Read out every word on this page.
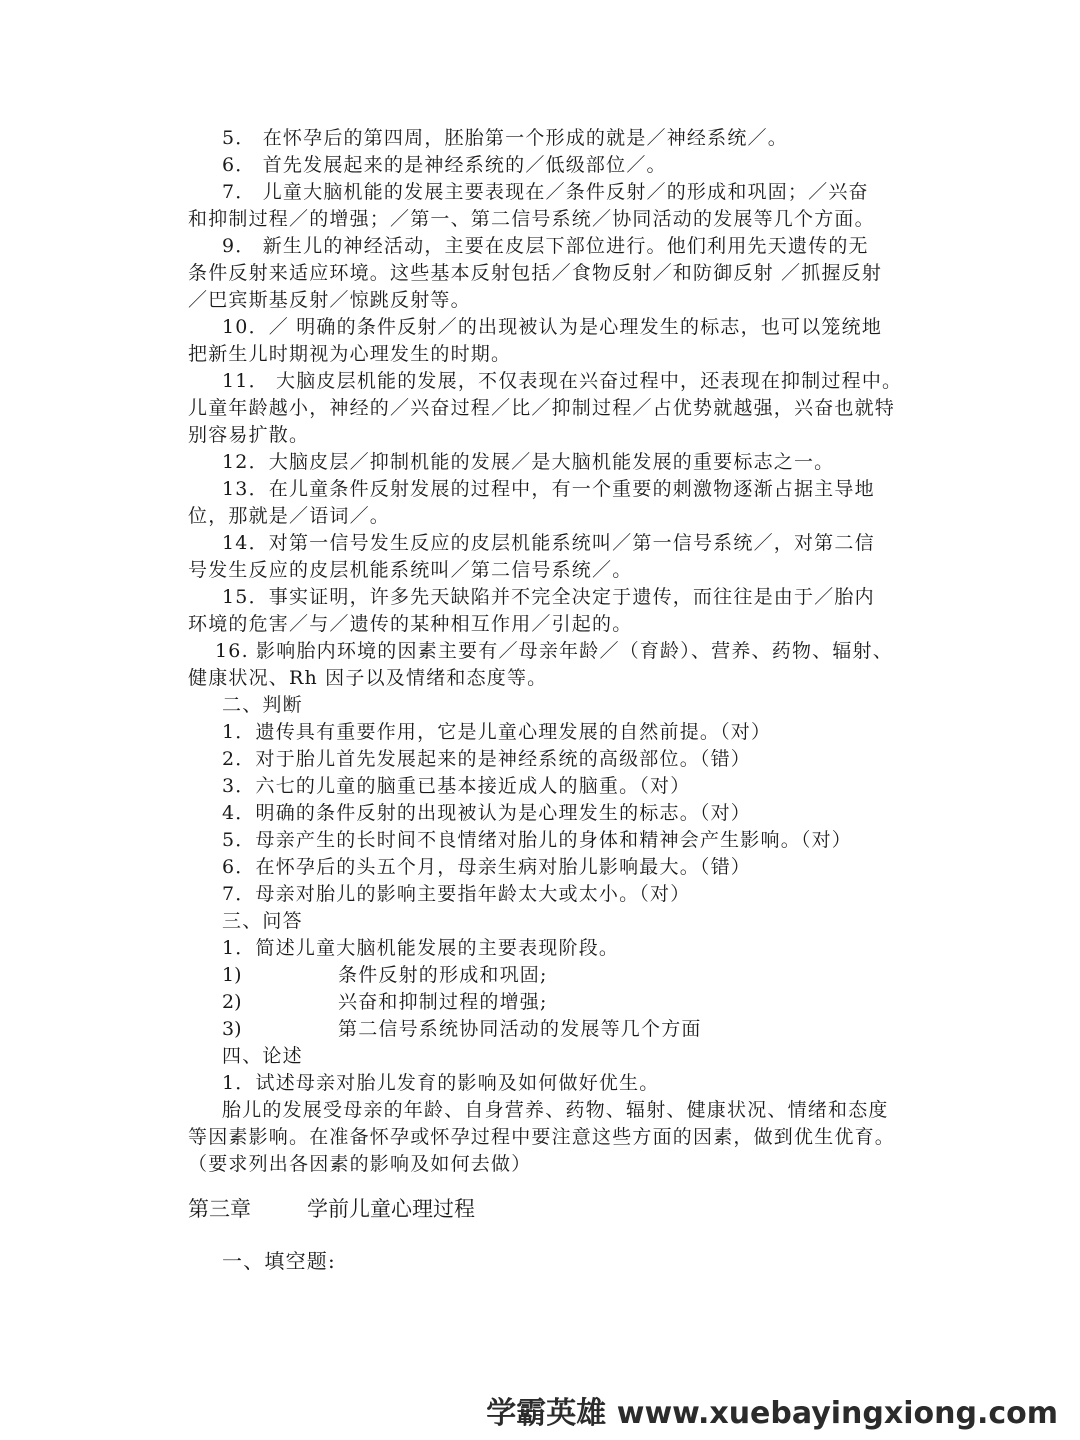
5． 在怀孕后的第四周，胚胎第一个形成的就是／神经系统／。
6． 首先发展起来的是神经系统的／低级部位／。
7． 儿童大脑机能的发展主要表现在／条件反射／的形成和巩固；／兴奋
和抑制过程／的增强；／第一、第二信号系统／协同活动的发展等几个方面。
9． 新生儿的神经活动，主要在皮层下部位进行。他们利用先天遗传的无
条件反射来适应环境。这些基本反射包括／食物反射／和防御反射 ／抓握反射
／巴宾斯基反射／惊跳反射等。
10．／ 明确的条件反射／的出现被认为是心理发生的标志，也可以笼统地
把新生儿时期视为心理发生的时期。
11． 大脑皮层机能的发展，不仅表现在兴奋过程中，还表现在抑制过程中。
儿童年龄越小，神经的／兴奋过程／比／抑制过程／占优势就越强，兴奋也就特
别容易扩散。
12．大脑皮层／抑制机能的发展／是大脑机能发展的重要标志之一。
13．在儿童条件反射发展的过程中，有一个重要的刺激物逐渐占据主导地
位，那就是／语词／。
14．对第一信号发生反应的皮层机能系统叫／第一信号系统／，对第二信
号发生反应的皮层机能系统叫／第二信号系统／。
15．事实证明，许多先天缺陷并不完全决定于遗传，而往往是由于／胎内
环境的危害／与／遗传的某种相互作用／引起的。
16. 影响胎内环境的因素主要有／母亲年龄／（育龄）、营养、药物、辐射、
健康状况、Rh 因子以及情绪和态度等。
二、判断
1．遗传具有重要作用，它是儿童心理发展的自然前提。（对）
2．对于胎儿首先发展起来的是神经系统的高级部位。（错）
3．六七的儿童的脑重已基本接近成人的脑重。（对）
4．明确的条件反射的出现被认为是心理发生的标志。（对）
5．母亲产生的长时间不良情绪对胎儿的身体和精神会产生影响。（对）
6．在怀孕后的头五个月，母亲生病对胎儿影响最大。（错）
7．母亲对胎儿的影响主要指年龄太大或太小。（对）
三、问答
1．简述儿童大脑机能发展的主要表现阶段。
1)	条件反射的形成和巩固;
2)	兴奋和抑制过程的增强;
3)	第二信号系统协同活动的发展等几个方面
四、论述
1．试述母亲对胎儿发育的影响及如何做好优生。
胎儿的发展受母亲的年龄、自身营养、药物、辐射、健康状况、情绪和态度
等因素影响。在准备怀孕或怀孕过程中要注意这些方面的因素，做到优生优育。
（要求列出各因素的影响及如何去做）
第三章	学前儿童心理过程
一、填空题:
学霸英雄 www.xuebayingxiong.com
